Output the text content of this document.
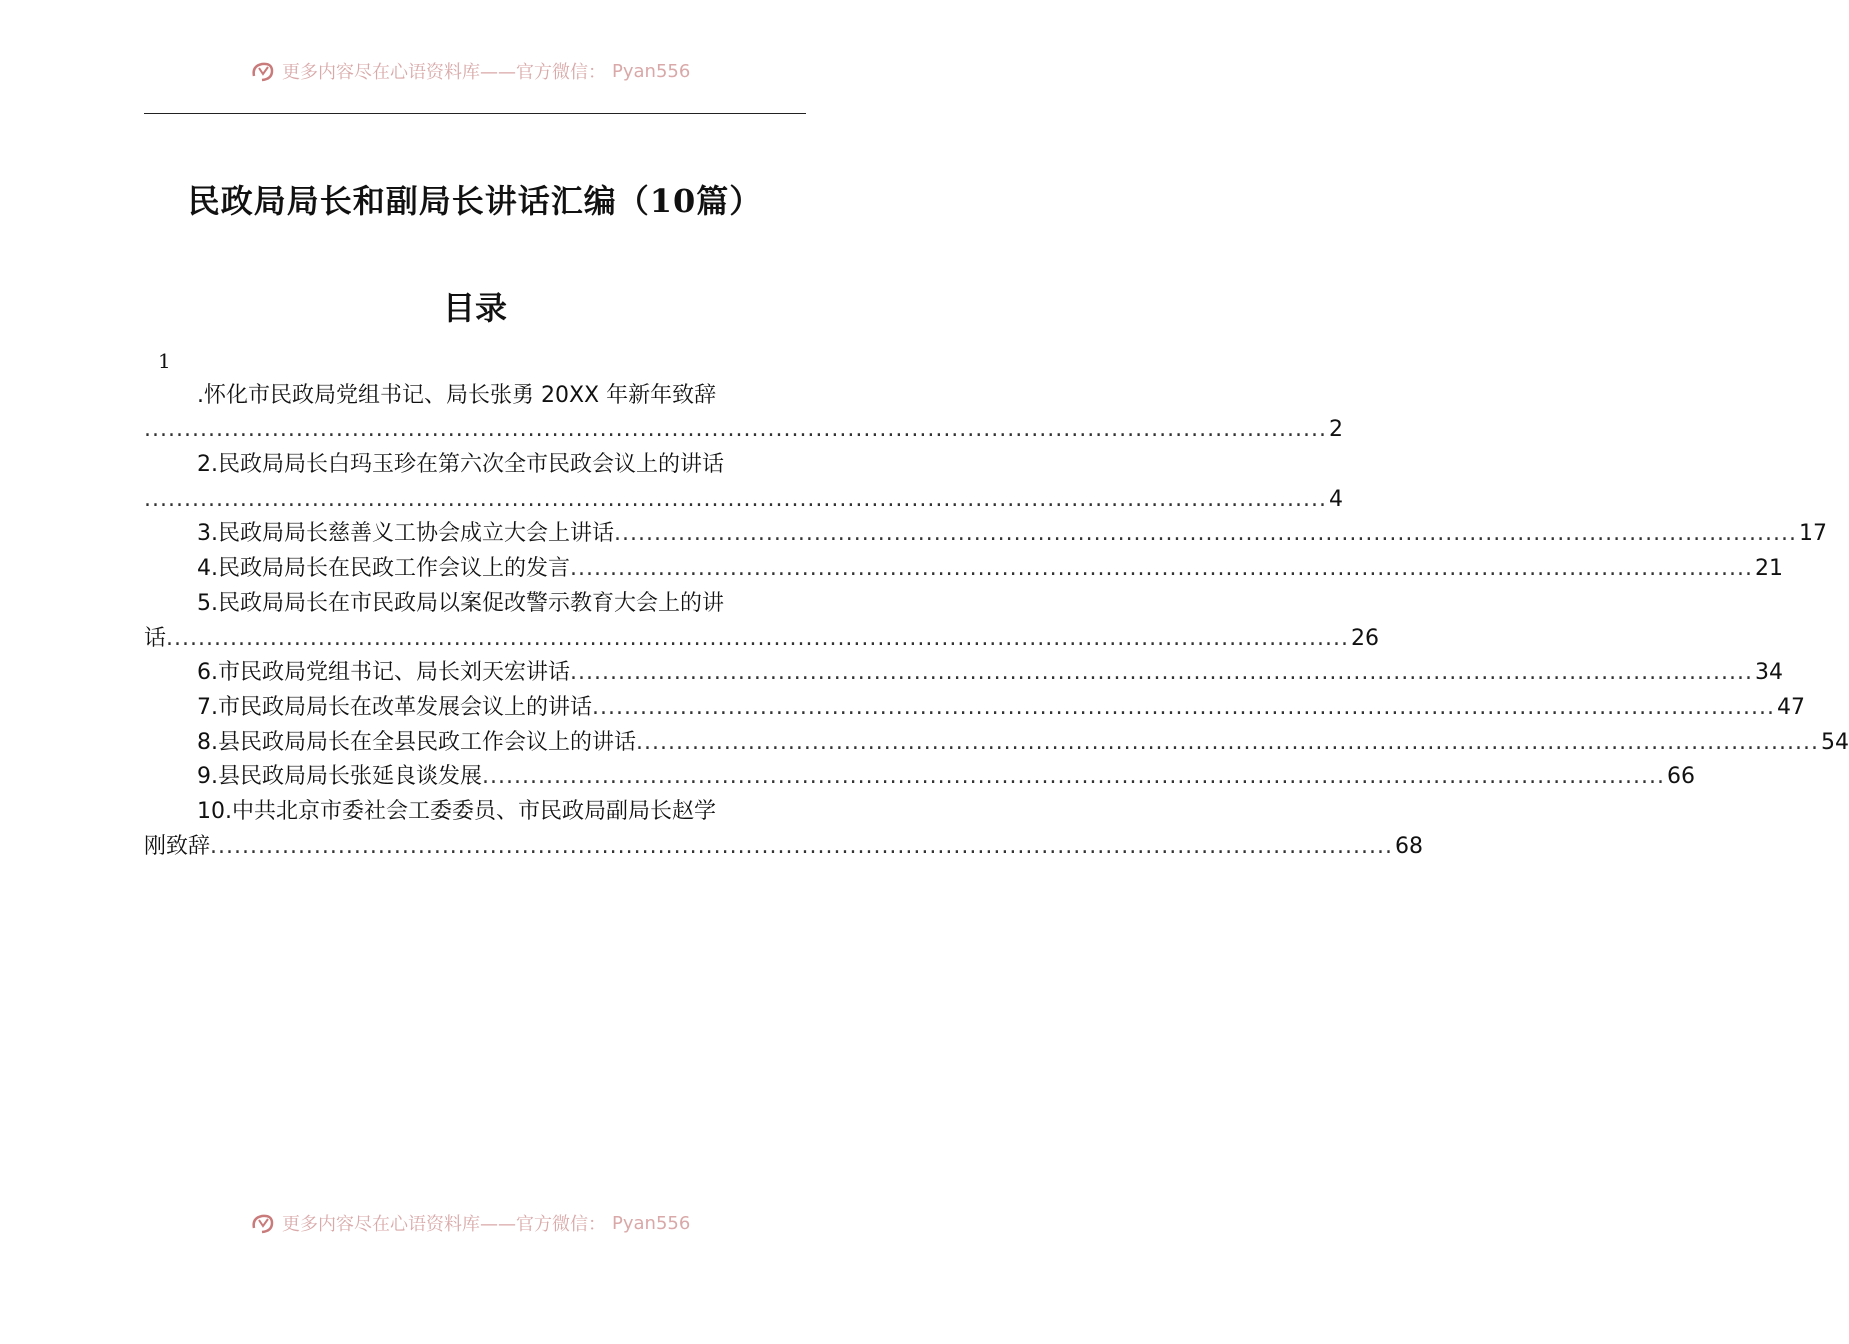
更多内容尽在心语资料库——官方微信： Pyan556
民政局局长和副局长讲话汇编（10篇）
目录
1
.怀化市民政局党组书记、局长张勇 20XX 年新年致辞
.................................................................................................................................................... 2
2.民政局局长白玛玉珍在第六次全市民政会议上的讲话
.................................................................................................................................................... 4
3.民政局局长慈善义工协会成立大会上讲话 .................................................................................................................................................... 17
4.民政局局长在民政工作会议上的发言 .................................................................................................................................................... 21
5.民政局局长在市民政局以案促改警示教育大会上的讲
话 .................................................................................................................................................... 26
6.市民政局党组书记、局长刘天宏讲话 .................................................................................................................................................... 34
7.市民政局局长在改革发展会议上的讲话 .................................................................................................................................................... 47
8.县民政局局长在全县民政工作会议上的讲话 .................................................................................................................................................... 54
9.县民政局局长张延良谈发展 .................................................................................................................................................... 66
10.中共北京市委社会工委委员、市民政局副局长赵学
刚致辞 .................................................................................................................................................... 68
更多内容尽在心语资料库——官方微信： Pyan556
